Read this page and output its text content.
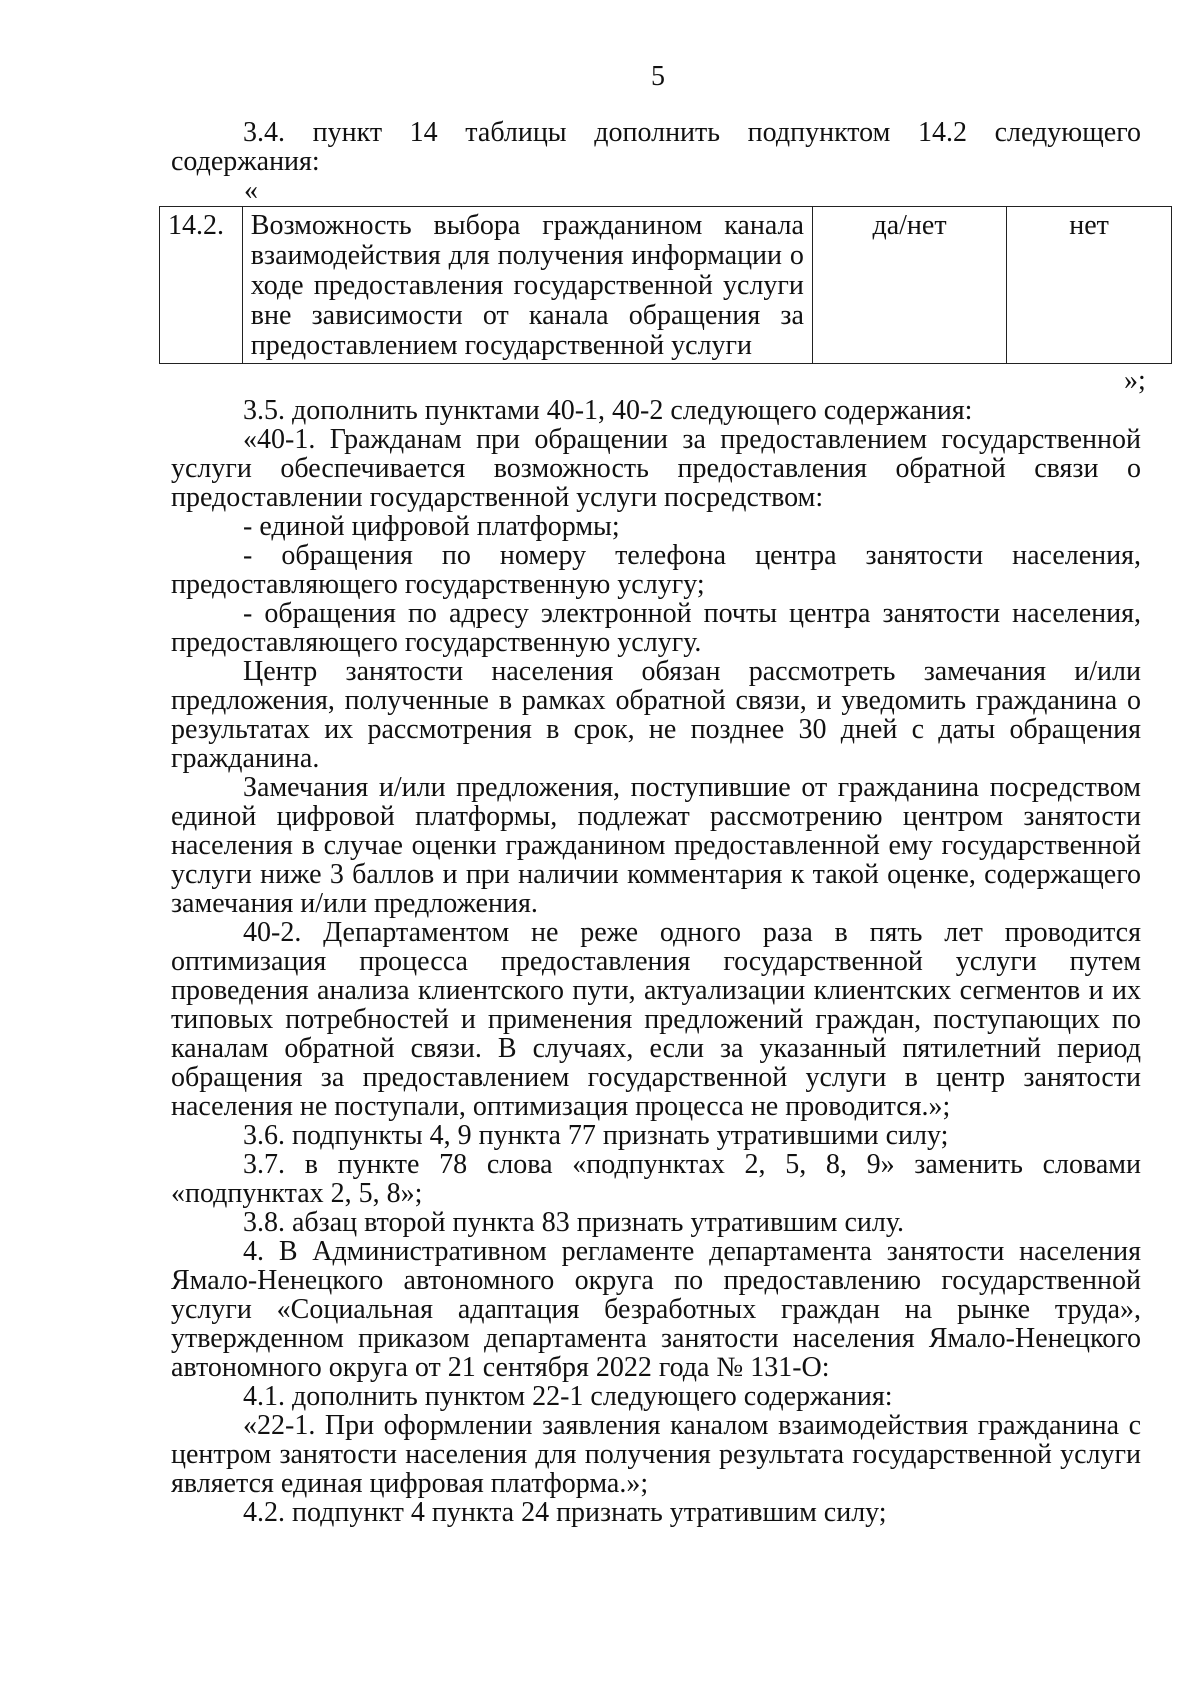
5

3.4. пункт 14 таблицы дополнить подпунктом 14.2 следующего содержания:

«
14.2.	Возможность выбора гражданином канала взаимодействия для получения информации о ходе предоставления государственной услуги вне зависимости от канала обращения за предоставлением государственной услуги	да/нет	нет
»;

3.5. дополнить пунктами 40-1, 40-2 следующего содержания:

«40-1. Гражданам при обращении за предоставлением государственной услуги обеспечивается возможность предоставления обратной связи о предоставлении государственной услуги посредством:

- единой цифровой платформы;

- обращения по номеру телефона центра занятости населения, предоставляющего государственную услугу;

- обращения по адресу электронной почты центра занятости населения, предоставляющего государственную услугу.

Центр занятости населения обязан рассмотреть замечания и/или предложения, полученные в рамках обратной связи, и уведомить гражданина о результатах их рассмотрения в срок, не позднее 30 дней с даты обращения гражданина.

Замечания и/или предложения, поступившие от гражданина посредством единой цифровой платформы, подлежат рассмотрению центром занятости населения в случае оценки гражданином предоставленной ему государственной услуги ниже 3 баллов и при наличии комментария к такой оценке, содержащего замечания и/или предложения.

40-2. Департаментом не реже одного раза в пять лет проводится оптимизация процесса предоставления государственной услуги путем проведения анализа клиентского пути, актуализации клиентских сегментов и их типовых потребностей и применения предложений граждан, поступающих по каналам обратной связи. В случаях, если за указанный пятилетний период обращения за предоставлением государственной услуги в центр занятости населения не поступали, оптимизация процесса не проводится.»;

3.6. подпункты 4, 9 пункта 77 признать утратившими силу;

3.7. в пункте 78 слова «подпунктах 2, 5, 8, 9» заменить словами «подпунктах 2, 5, 8»;

3.8. абзац второй пункта 83 признать утратившим силу.

4. В Административном регламенте департамента занятости населения Ямало-Ненецкого автономного округа по предоставлению государственной услуги «Социальная адаптация безработных граждан на рынке труда», утвержденном приказом департамента занятости населения Ямало-Ненецкого автономного округа от 21 сентября 2022 года № 131-О:

4.1. дополнить пунктом 22-1 следующего содержания:

«22-1. При оформлении заявления каналом взаимодействия гражданина с центром занятости населения для получения результата государственной услуги является единая цифровая платформа.»;

4.2. подпункт 4 пункта 24 признать утратившим силу;
